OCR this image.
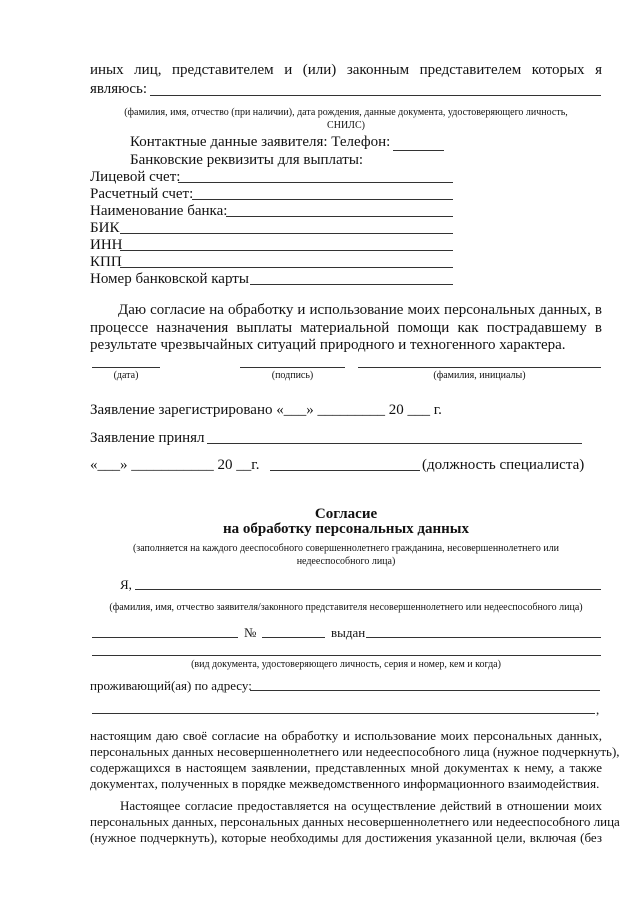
иных лиц, представителем и (или) законным представителем которых я
являюсь:
(фамилия, имя, отчество (при наличии), дата рождения, данные документа, удостоверяющего личность,
СНИЛС)
Контактные данные заявителя: Телефон:
Банковские реквизиты для выплаты:
Лицевой счет:
Расчетный счет:
Наименование банка:
БИК
ИНН
КПП
Номер банковской карты
Даю согласие на обработку и использование моих персональных данных, в
процессе назначения выплаты материальной помощи как пострадавшему в
результате чрезвычайных ситуаций природного и техногенного характера.
(дата)	(подпись)	(фамилия, инициалы)
Заявление зарегистрировано «___» _________ 20 ___ г.
Заявление принял
«___» ___________ 20 __г.	(должность специалиста)
Согласие
на обработку персональных данных
(заполняется на каждого дееспособного совершеннолетнего гражданина, несовершеннолетнего или
недееспособного лица)
Я,
(фамилия, имя, отчество заявителя/законного представителя несовершеннолетнего или недееспособного лица)
№	выдан
(вид документа, удостоверяющего личность, серия и номер, кем и когда)
проживающий(ая) по адресу:
,
настоящим даю своё согласие на обработку и использование моих персональных данных,
персональных данных несовершеннолетнего или недееспособного лица (нужное подчеркнуть),
содержащихся в настоящем заявлении, представленных мной документах к нему, а также
документах, полученных в порядке межведомственного информационного взаимодействия.
Настоящее согласие предоставляется на осуществление действий в отношении моих
персональных данных, персональных данных несовершеннолетнего или недееспособного лица
(нужное подчеркнуть), которые необходимы для достижения указанной цели, включая (без
